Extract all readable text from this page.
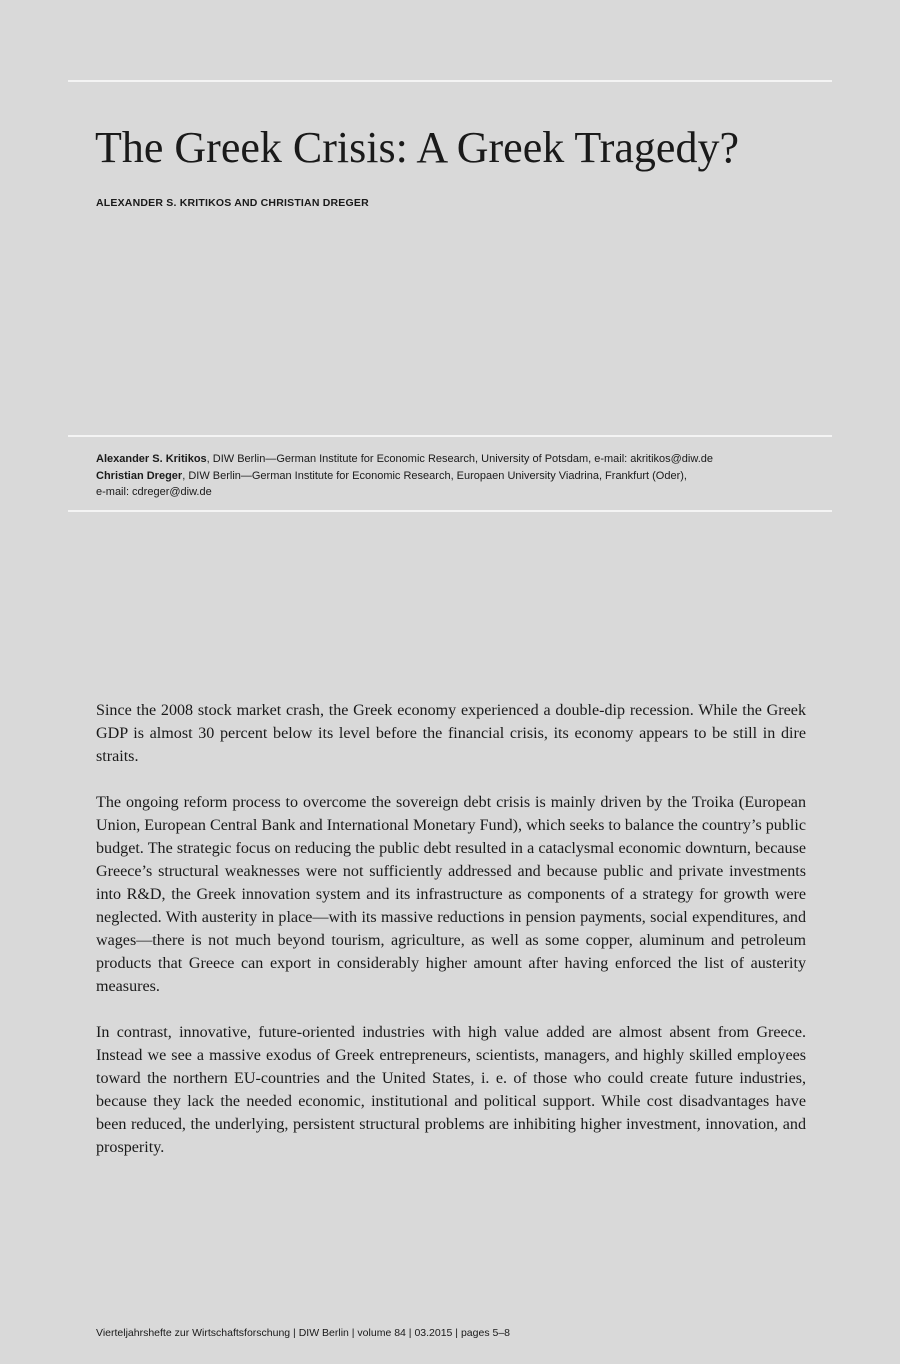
The Greek Crisis: A Greek Tragedy?
ALEXANDER S. KRITIKOS AND CHRISTIAN DREGER
Alexander S. Kritikos, DIW Berlin—German Institute for Economic Research, University of Potsdam, e-mail: akritikos@diw.de
Christian Dreger, DIW Berlin—German Institute for Economic Research, Europaen University Viadrina, Frankfurt (Oder),
e-mail: cdreger@diw.de

Since the 2008 stock market crash, the Greek economy experienced a double-dip recession. While the Greek GDP is almost 30 percent below its level before the financial crisis, its economy appears to be still in dire straits.

The ongoing reform process to overcome the sovereign debt crisis is mainly driven by the Troika (European Union, European Central Bank and International Monetary Fund), which seeks to balance the country’s public budget. The strategic focus on reducing the public debt resulted in a cataclysmal economic downturn, because Greece’s structural weaknesses were not sufficiently addressed and because public and private investments into R&D, the Greek innovation system and its infrastructure as components of a strategy for growth were neglected. With austerity in place—with its massive reductions in pension payments, social expenditures, and wages—there is not much beyond tourism, agriculture, as well as some copper, aluminum and petroleum products that Greece can export in considerably higher amount after having enforced the list of austerity measures.

In contrast, innovative, future-oriented industries with high value added are almost absent from Greece. Instead we see a massive exodus of Greek entrepreneurs, scientists, managers, and highly skilled employees toward the northern EU-countries and the United States, i. e. of those who could create future industries, because they lack the needed economic, institutional and political support. While cost disadvantages have been reduced, the underlying, persistent structural problems are inhibiting higher investment, innovation, and prosperity.

Vierteljahrshefte zur Wirtschaftsforschung | DIW Berlin | volume 84 | 03.2015 | pages 5–8
